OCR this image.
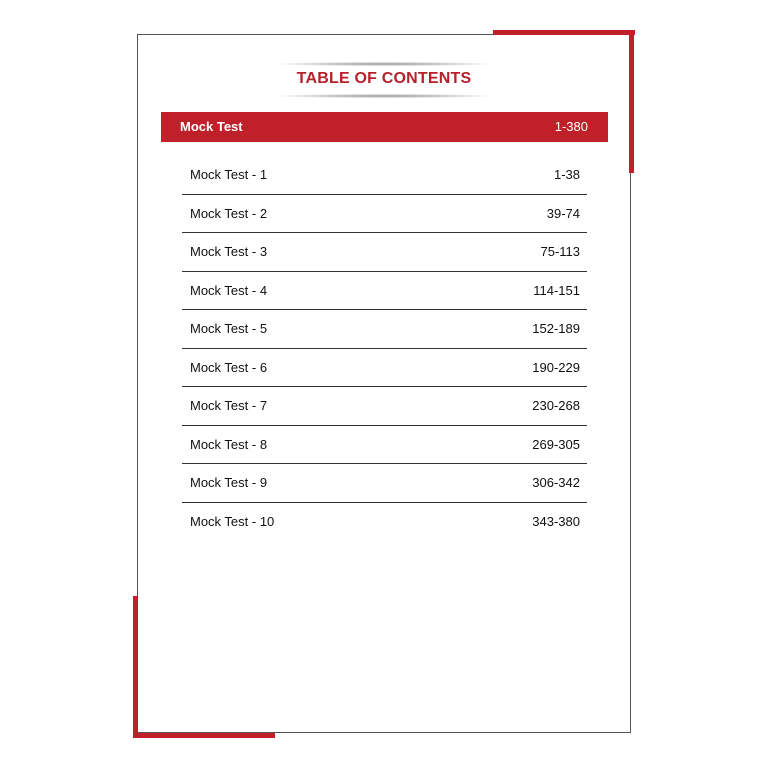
TABLE OF CONTENTS
Mock Test	1-380
Mock Test - 1	1-38
Mock Test - 2	39-74
Mock Test - 3	75-113
Mock Test - 4	114-151
Mock Test - 5	152-189
Mock Test - 6	190-229
Mock Test - 7	230-268
Mock Test - 8	269-305
Mock Test - 9	306-342
Mock Test - 10	343-380
